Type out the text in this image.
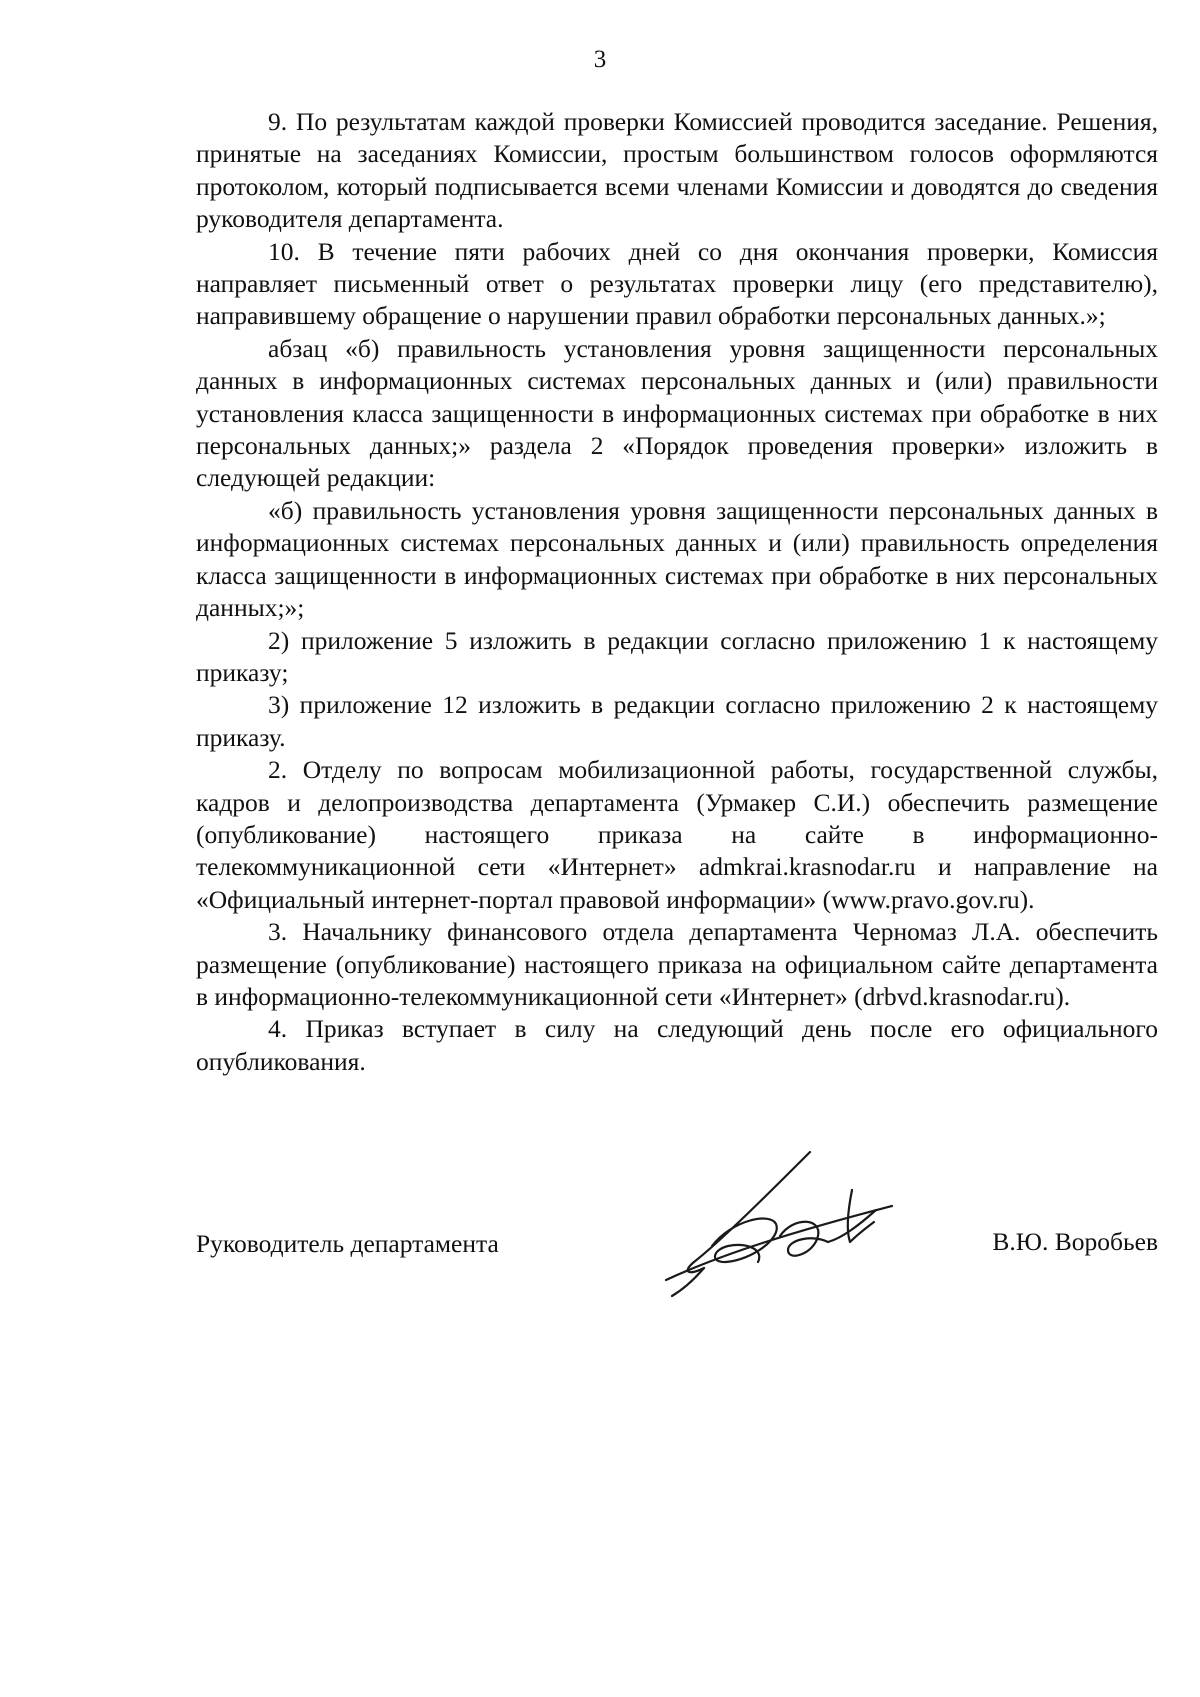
3

9. По результатам каждой проверки Комиссией проводится заседание. Решения, принятые на заседаниях Комиссии, простым большинством голосов оформляются протоколом, который подписывается всеми членами Комиссии и доводятся до сведения руководителя департамента.

10. В течение пяти рабочих дней со дня окончания проверки, Комиссия направляет письменный ответ о результатах проверки лицу (его представителю), направившему обращение о нарушении правил обработки персональных данных.»;

абзац «б) правильность установления уровня защищенности персональных данных в информационных системах персональных данных и (или) правильности установления класса защищенности в информационных системах при обработке в них персональных данных;» раздела 2 «Порядок проведения проверки» изложить в следующей редакции:

«б) правильность установления уровня защищенности персональных данных в информационных системах персональных данных и (или) правильность определения класса защищенности в информационных системах при обработке в них персональных данных;»;

2) приложение 5 изложить в редакции согласно приложению 1 к настоящему приказу;

3) приложение 12 изложить в редакции согласно приложению 2 к настоящему приказу.

2. Отделу по вопросам мобилизационной работы, государственной службы, кадров и делопроизводства департамента (Урмакер С.И.) обеспечить размещение (опубликование) настоящего приказа на сайте в информационно-телекоммуникационной сети «Интернет» admkrai.krasnodar.ru и направление на «Официальный интернет-портал правовой информации» (www.pravo.gov.ru).

3. Начальнику финансового отдела департамента Черномаз Л.А. обеспечить размещение (опубликование) настоящего приказа на официальном сайте департамента в информационно-телекоммуникационной сети «Интернет» (drbvd.krasnodar.ru).

4. Приказ вступает в силу на следующий день после его официального опубликования.

Руководитель департамента	В.Ю. Воробьев
